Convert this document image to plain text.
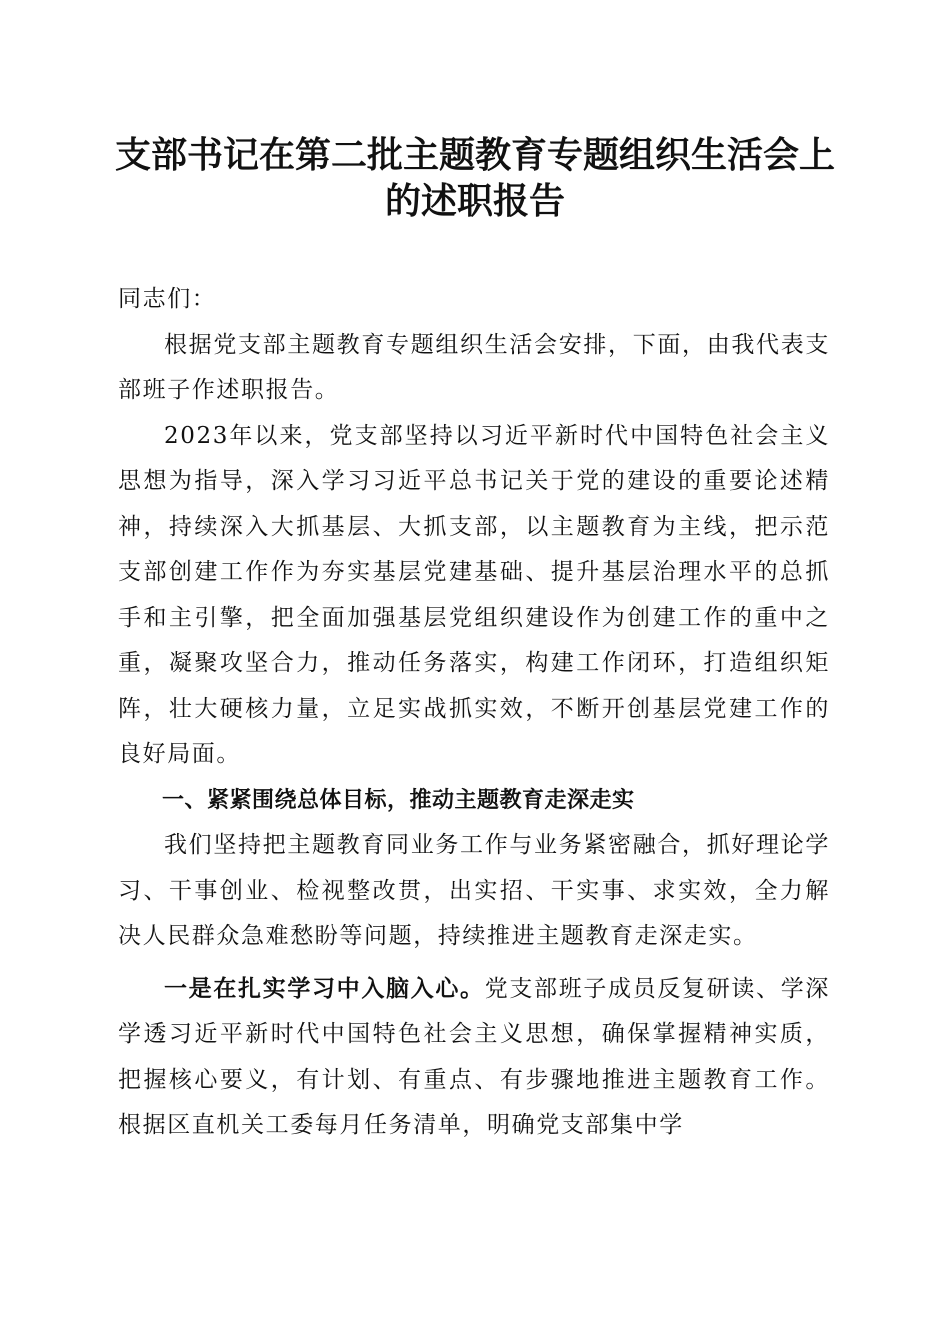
支部书记在第二批主题教育专题组织生活会上
的述职报告

同志们：

根据党支部主题教育专题组织生活会安排，下面，由我代表支部班子作述职报告。

2023年以来，党支部坚持以习近平新时代中国特色社会主义思想为指导，深入学习习近平总书记关于党的建设的重要论述精神，持续深入大抓基层、大抓支部，以主题教育为主线，把示范支部创建工作作为夯实基层党建基础、提升基层治理水平的总抓手和主引擎，把全面加强基层党组织建设作为创建工作的重中之重，凝聚攻坚合力，推动任务落实，构建工作闭环，打造组织矩阵，壮大硬核力量，立足实战抓实效，不断开创基层党建工作的良好局面。

一、紧紧围绕总体目标，推动主题教育走深走实

我们坚持把主题教育同业务工作与业务紧密融合，抓好理论学习、干事创业、检视整改贯，出实招、干实事、求实效，全力解决人民群众急难愁盼等问题，持续推进主题教育走深走实。

一是在扎实学习中入脑入心。党支部班子成员反复研读、学深学透习近平新时代中国特色社会主义思想，确保掌握精神实质，把握核心要义，有计划、有重点、有步骤地推进主题教育工作。根据区直机关工委每月任务清单，明确党支部集中学
